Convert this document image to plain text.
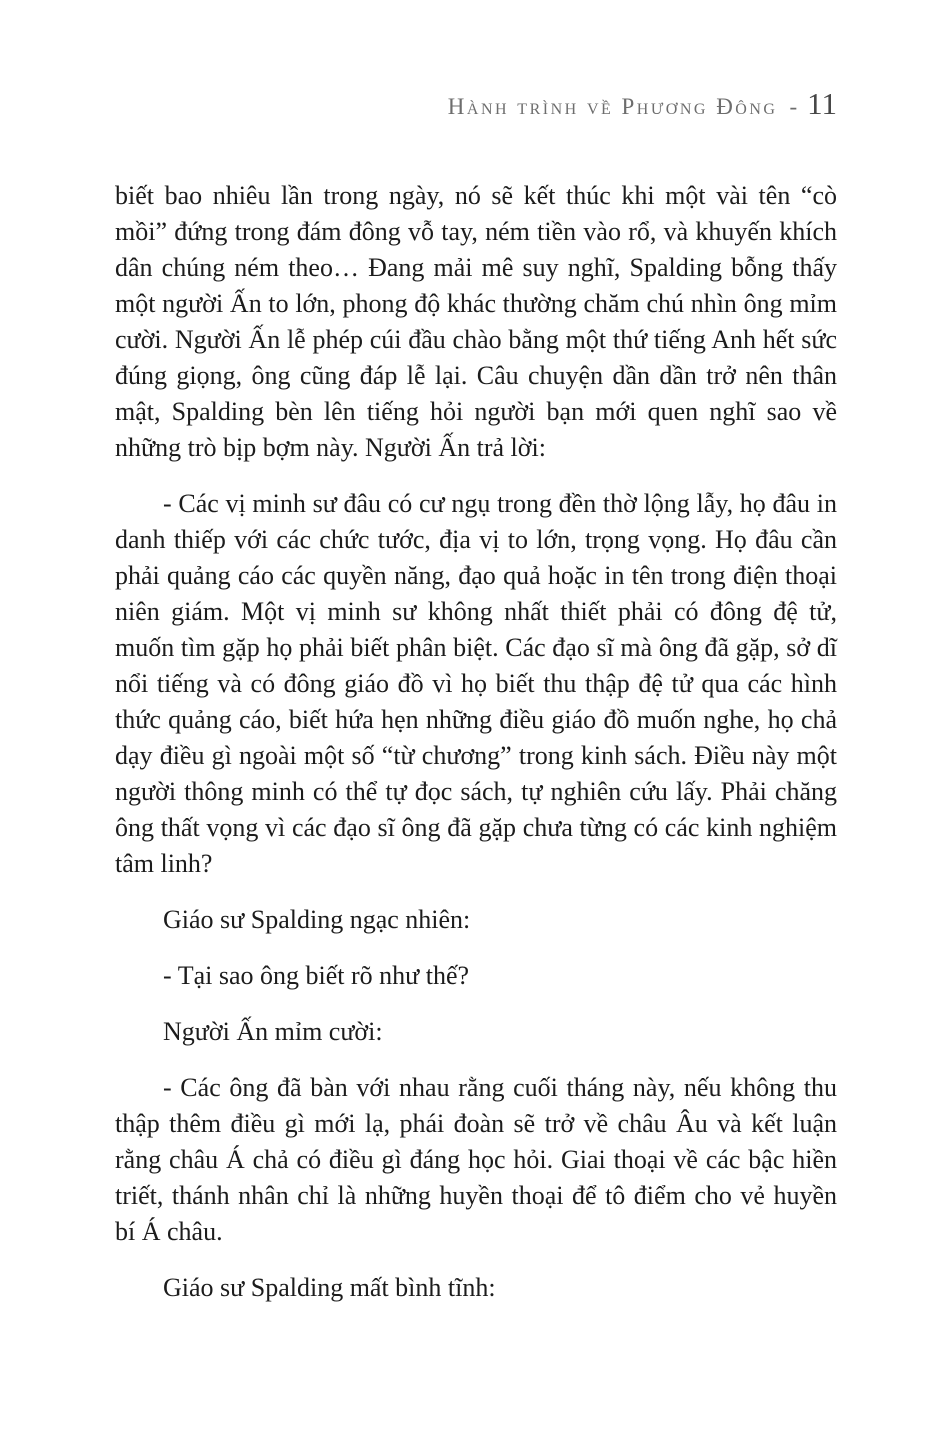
Hành trình về Phương Đông - 11

biết bao nhiêu lần trong ngày, nó sẽ kết thúc khi một vài tên “cò mồi” đứng trong đám đông vỗ tay, ném tiền vào rổ, và khuyến khích dân chúng ném theo… Đang mải mê suy nghĩ, Spalding bỗng thấy một người Ấn to lớn, phong độ khác thường chăm chú nhìn ông mỉm cười. Người Ấn lễ phép cúi đầu chào bằng một thứ tiếng Anh hết sức đúng giọng, ông cũng đáp lễ lại. Câu chuyện dần dần trở nên thân mật, Spalding bèn lên tiếng hỏi người bạn mới quen nghĩ sao về những trò bịp bợm này. Người Ấn trả lời:

- Các vị minh sư đâu có cư ngụ trong đền thờ lộng lẫy, họ đâu in danh thiếp với các chức tước, địa vị to lớn, trọng vọng. Họ đâu cần phải quảng cáo các quyền năng, đạo quả hoặc in tên trong điện thoại niên giám. Một vị minh sư không nhất thiết phải có đông đệ tử, muốn tìm gặp họ phải biết phân biệt. Các đạo sĩ mà ông đã gặp, sở dĩ nổi tiếng và có đông giáo đồ vì họ biết thu thập đệ tử qua các hình thức quảng cáo, biết hứa hẹn những điều giáo đồ muốn nghe, họ chả dạy điều gì ngoài một số “từ chương” trong kinh sách. Điều này một người thông minh có thể tự đọc sách, tự nghiên cứu lấy. Phải chăng ông thất vọng vì các đạo sĩ ông đã gặp chưa từng có các kinh nghiệm tâm linh?

Giáo sư Spalding ngạc nhiên:

- Tại sao ông biết rõ như thế?

Người Ấn mỉm cười:

- Các ông đã bàn với nhau rằng cuối tháng này, nếu không thu thập thêm điều gì mới lạ, phái đoàn sẽ trở về châu Âu và kết luận rằng châu Á chả có điều gì đáng học hỏi. Giai thoại về các bậc hiền triết, thánh nhân chỉ là những huyền thoại để tô điểm cho vẻ huyền bí Á châu.

Giáo sư Spalding mất bình tĩnh:
